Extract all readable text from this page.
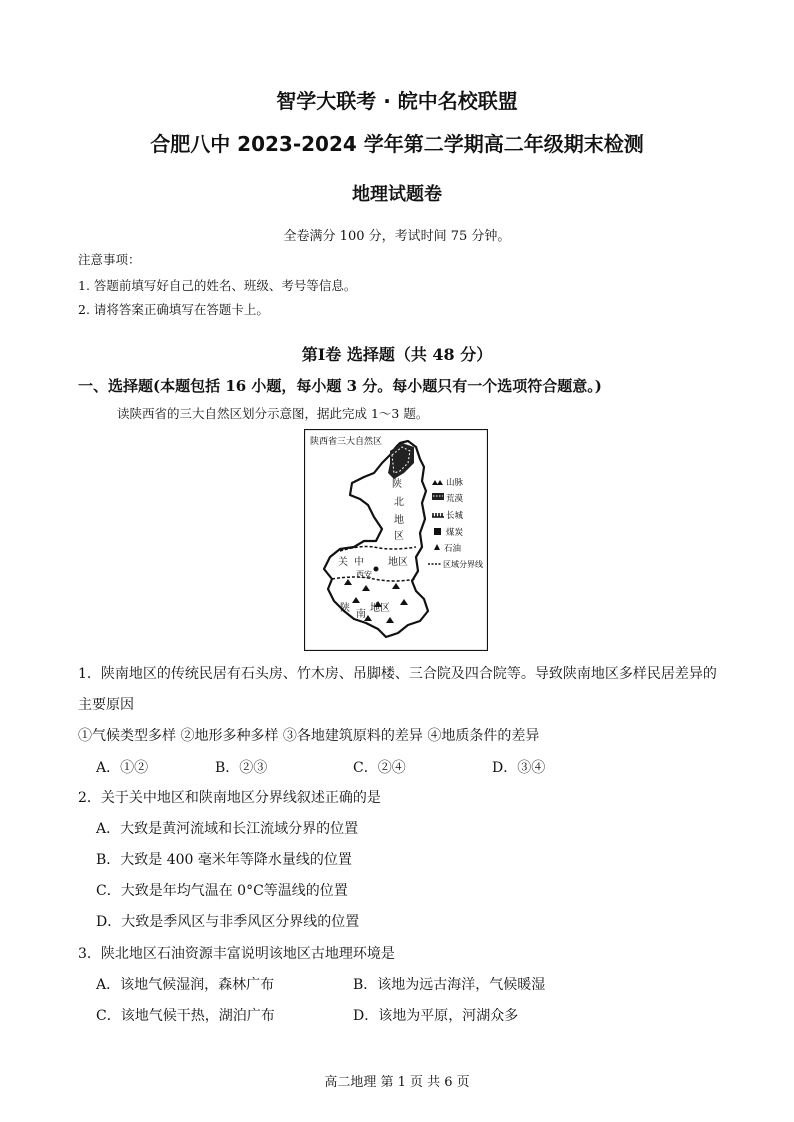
智学大联考 · 皖中名校联盟
合肥八中 2023-2024 学年第二学期高二年级期末检测
地理试题卷
全卷满分 100 分，考试时间 75 分钟。
注意事项：
1. 答题前填写好自己的姓名、班级、考号等信息。
2. 请将答案正确填写在答题卡上。
第Ⅰ卷 选择题（共 48 分）
一、选择题(本题包括 16 小题，每小题 3 分。每小题只有一个选项符合题意。)
读陕西省的三大自然区划分示意图，据此完成 1～3 题。
陕西省三大自然区
陕
北
地
区
关 中 地区
西安
陕
南
地区
山脉
荒漠
长城
煤炭
石油
区域分界线
1．陕南地区的传统民居有石头房、竹木房、吊脚楼、三合院及四合院等。导致陕南地区多样民居差异的
主要原因
①气候类型多样 ②地形多种多样 ③各地建筑原料的差异 ④地质条件的差异
A．①②	B．②③	C．②④	D．③④
2．关于关中地区和陕南地区分界线叙述正确的是
A．大致是黄河流域和长江流域分界的位置
B．大致是 400 毫米年等降水量线的位置
C．大致是年均气温在 0°C等温线的位置
D．大致是季风区与非季风区分界线的位置
3．陕北地区石油资源丰富说明该地区古地理环境是
A．该地气候湿润，森林广布	B．该地为远古海洋，气候暖湿
C．该地气候干热，湖泊广布	D．该地为平原，河湖众多
高二地理 第 1 页 共 6 页
